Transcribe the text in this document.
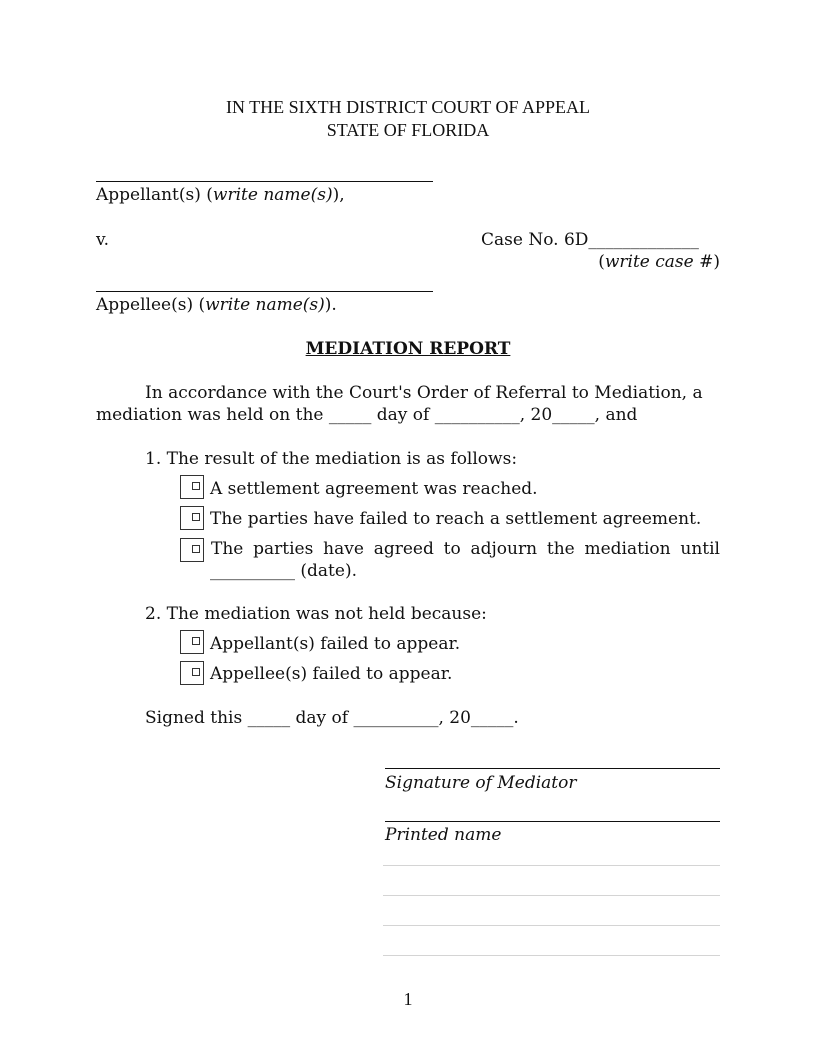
IN THE SIXTH DISTRICT COURT OF APPEAL
STATE OF FLORIDA
Appellant(s) (write name(s)),
v.	Case No. 6D_____________
(write case #)
Appellee(s) (write name(s)).
MEDIATION REPORT
In accordance with the Court's Order of Referral to Mediation, a
mediation was held on the _____ day of __________, 20_____, and
1. The result of the mediation is as follows:
A settlement agreement was reached.
The parties have failed to reach a settlement agreement.
The parties have agreed to adjourn the mediation until
__________ (date).
2. The mediation was not held because:
Appellant(s) failed to appear.
Appellee(s) failed to appear.
Signed this _____ day of __________, 20_____.
Signature of Mediator
Printed name
1
